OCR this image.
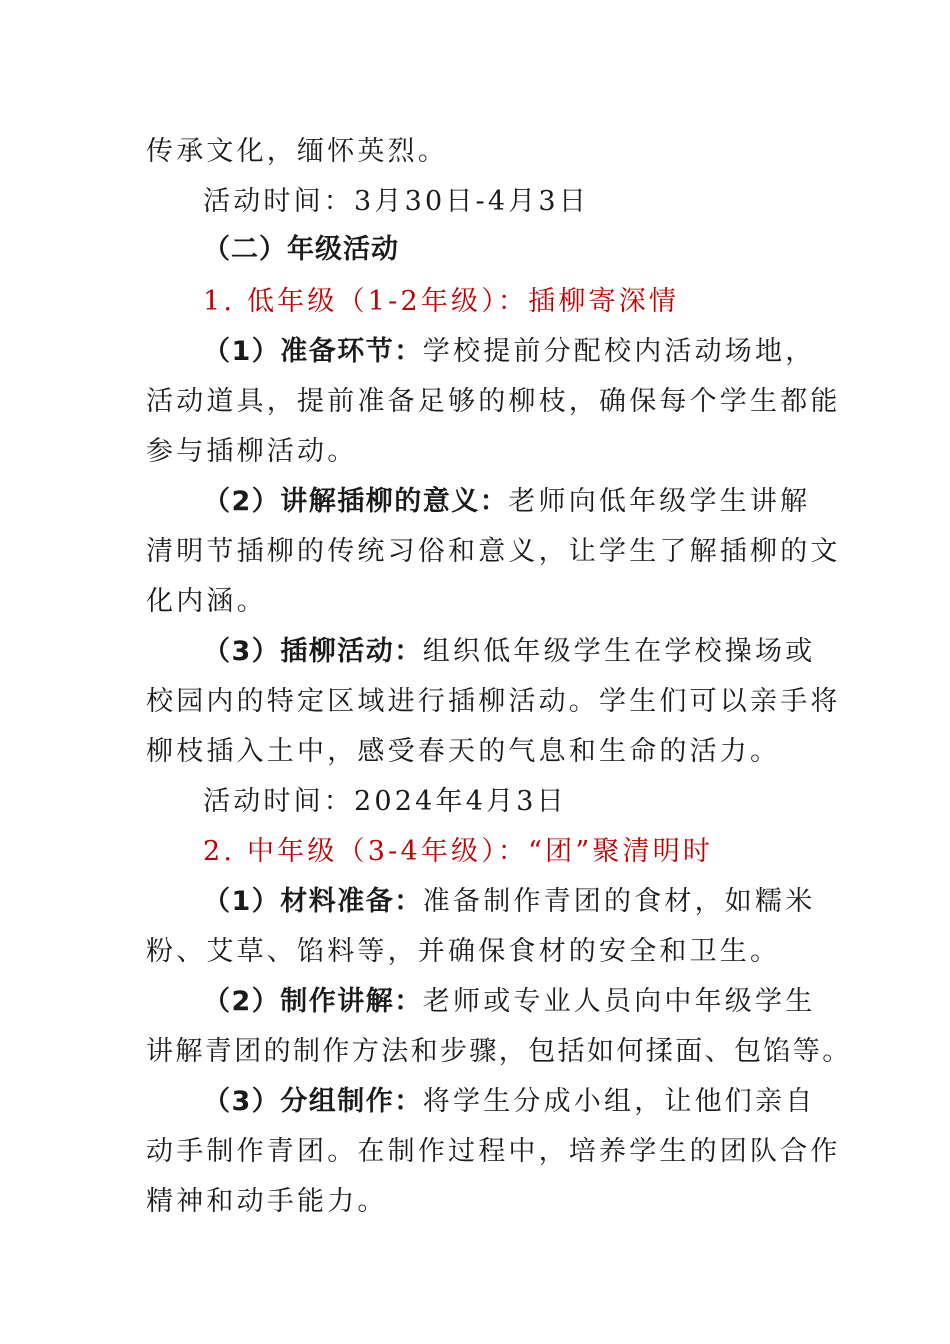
传承文化，缅怀英烈。
活动时间：3月30日-4月3日
（二）年级活动
1. 低年级（1-2年级）：插柳寄深情
（1）准备环节：学校提前分配校内活动场地，
活动道具，提前准备足够的柳枝，确保每个学生都能
参与插柳活动。
（2）讲解插柳的意义：老师向低年级学生讲解
清明节插柳的传统习俗和意义，让学生了解插柳的文
化内涵。
（3）插柳活动：组织低年级学生在学校操场或
校园内的特定区域进行插柳活动。学生们可以亲手将
柳枝插入土中，感受春天的气息和生命的活力。
活动时间：2024年4月3日
2. 中年级（3-4年级）：“团”聚清明时
（1）材料准备：准备制作青团的食材，如糯米
粉、艾草、馅料等，并确保食材的安全和卫生。
（2）制作讲解：老师或专业人员向中年级学生
讲解青团的制作方法和步骤，包括如何揉面、包馅等。
（3）分组制作：将学生分成小组，让他们亲自
动手制作青团。在制作过程中，培养学生的团队合作
精神和动手能力。
